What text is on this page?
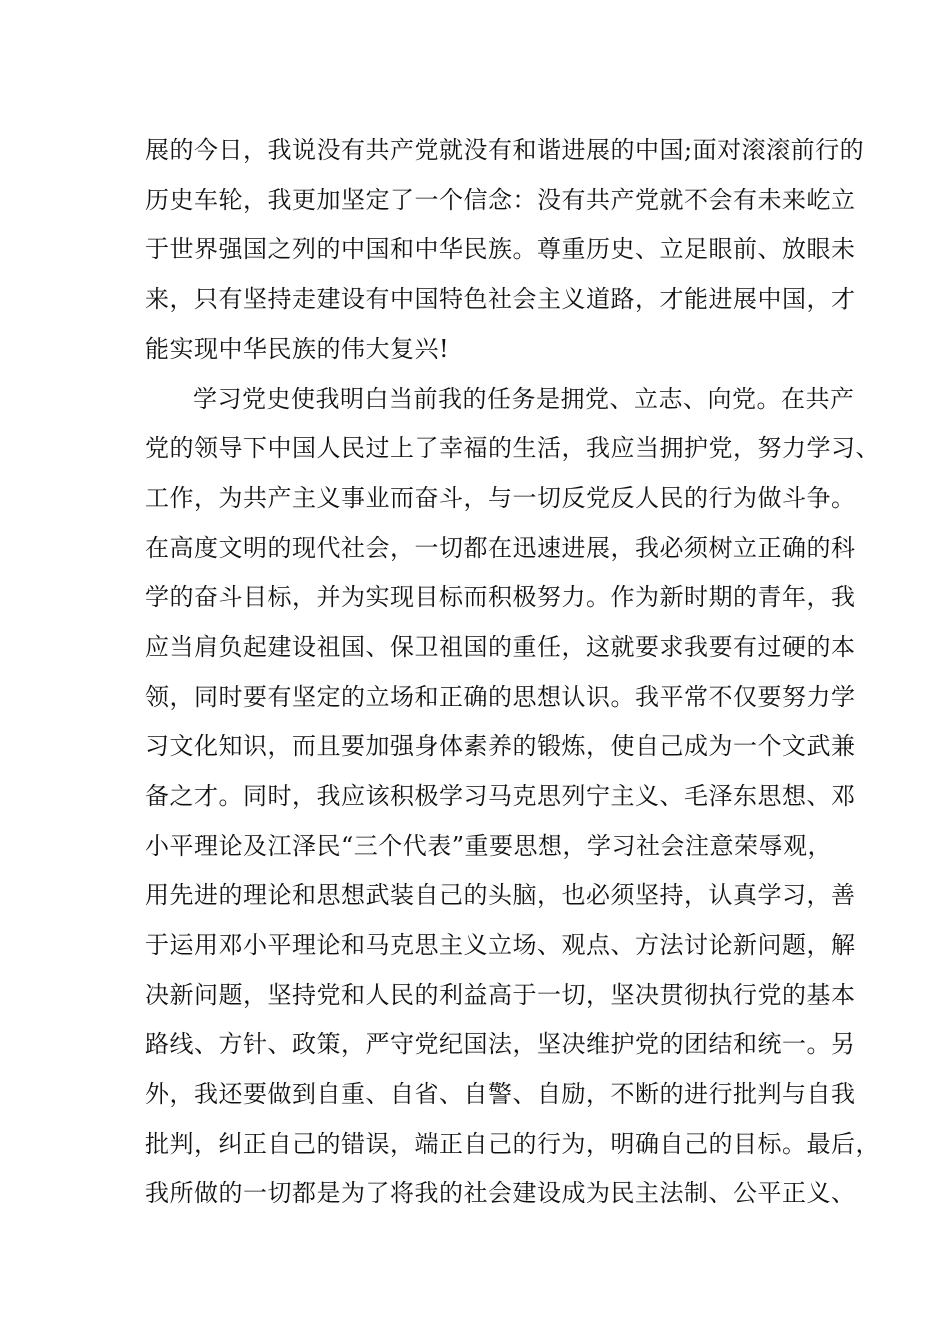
展的今日，我说没有共产党就没有和谐进展的中国;面对滚滚前行的
历史车轮，我更加坚定了一个信念：没有共产党就不会有未来屹立
于世界强国之列的中国和中华民族。尊重历史、立足眼前、放眼未
来，只有坚持走建设有中国特色社会主义道路，才能进展中国，才
能实现中华民族的伟大复兴!
学习党史使我明白当前我的任务是拥党、立志、向党。在共产
党的领导下中国人民过上了幸福的生活，我应当拥护党，努力学习、
工作，为共产主义事业而奋斗，与一切反党反人民的行为做斗争。
在高度文明的现代社会，一切都在迅速进展，我必须树立正确的科
学的奋斗目标，并为实现目标而积极努力。作为新时期的青年，我
应当肩负起建设祖国、保卫祖国的重任，这就要求我要有过硬的本
领，同时要有坚定的立场和正确的思想认识。我平常不仅要努力学
习文化知识，而且要加强身体素养的锻炼，使自己成为一个文武兼
备之才。同时，我应该积极学习马克思列宁主义、毛泽东思想、邓
小平理论及江泽民“三个代表”重要思想，学习社会注意荣辱观，
用先进的理论和思想武装自己的头脑，也必须坚持，认真学习，善
于运用邓小平理论和马克思主义立场、观点、方法讨论新问题，解
决新问题，坚持党和人民的利益高于一切，坚决贯彻执行党的基本
路线、方针、政策，严守党纪国法，坚决维护党的团结和统一。另
外，我还要做到自重、自省、自警、自励，不断的进行批判与自我
批判，纠正自己的错误，端正自己的行为，明确自己的目标。最后，
我所做的一切都是为了将我的社会建设成为民主法制、公平正义、
